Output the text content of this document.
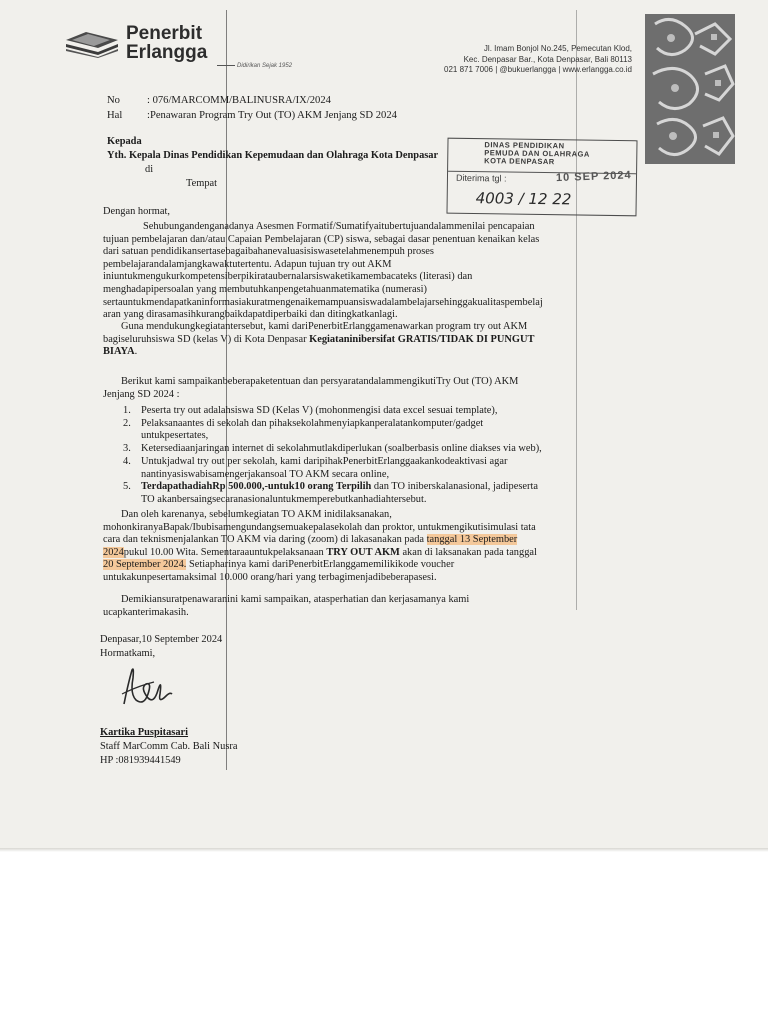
Penerbit
Erlangga
Didirikan Sejak 1952
Jl. Imam Bonjol No.245, Pemecutan Klod,
Kec. Denpasar Bar., Kota Denpasar, Bali 80113
021 871 7006 | @bukuerlangga | www.erlangga.co.id
No	: 076/MARCOMM/BALINUSRA/IX/2024
Hal :Penawaran Program Try Out (TO) AKM Jenjang SD 2024
Kepada
Yth. Kepala Dinas Pendidikan Kepemudaan dan Olahraga Kota Denpasar
di
Tempat
DINAS PENDIDIKAN
PEMUDA DAN OLAHRAGA
KOTA DENPASAR
Diterima tgl :	10 SEP 2024
4003 / 12 22
Dengan hormat,
Sehubungandenganadanya Asesmen Formatif/Sumatifyaitubertujuandalammenilai pencapaian
tujuan pembelajaran dan/atau Capaian Pembelajaran (CP) siswa, sebagai dasar penentuan kenaikan kelas
dari satuan pendidikansertasebagaibahanevaluasisiswasetelahmenempuh proses
pembelajarandalamjangkawaktutertentu. Adapun tujuan try out AKM
iniuntukmengukurkompetensiberpikirataubernalarsiswaketikamembacateks (literasi) dan
menghadapipersoalan yang membutuhkanpengetahuanmatematika (numerasi)
sertauntukmendapatkaninformasiakuratmengenaikemampuansiswadalambelajarsehinggakualitaspembelaj
aran yang dirasamasihkurangbaikdapatdiperbaiki dan ditingkatkanlagi.
Guna mendukungkegiatantersebut, kami dariPenerbitErlanggamenawarkan program try out AKM
bagiseluruhsiswa SD (kelas V) di Kota Denpasar Kegiataninibersifat GRATIS/TIDAK DI PUNGUT
BIAYA.
Berikut kami sampaikanbeberapaketentuan dan persyaratandalammengikutiTry Out (TO) AKM
Jenjang SD 2024 :
1. Peserta try out adalahsiswa SD (Kelas V) (mohonmengisi data excel sesuai template),
2. Pelaksanaantes di sekolah dan pihaksekolahmenyiapkanperalatankomputer/gadget
untukpesertates,
3. Ketersediaanjaringan internet di sekolahmutlakdiperlukan (soalberbasis online diakses via web),
4. Untukjadwal try out per sekolah, kami daripihakPenerbitErlanggaakankodeaktivasi agar
nantinyasiswabisamengerjakansoal TO AKM secara online,
5. TerdapathadiahRp 500.000,-untuk10 orang Terpilih dan TO iniberskalanasional, jadipeserta
TO akanbersaingsecaranasionaluntukmemperebutkanhadiahtersebut.
Dan oleh karenanya, sebelumkegiatan TO AKM inidilaksanakan,
mohonkiranyaBapak/Ibubisamengundangsemuakepalasekolah dan proktor, untukmengikutisimulasi tata
cara dan teknismenjalankan TO AKM via daring (zoom) di lakasanakan pada tanggal 13 September
2024pukul 10.00 Wita. Sementaraauntukpelaksanaan TRY OUT AKM akan di laksanakan pada tanggal
20 September 2024. Setiapharinya kami dariPenerbitErlanggamemilikikode voucher
untukakunpesertamaksimal 10.000 orang/hari yang terbagimenjadibeberapasesi.
Demikiansuratpenawaranini kami sampaikan, atasperhatian dan kerjasamanya kami
ucapkanterimakasih.
Denpasar,10 September 2024
Hormatkami,
Kartika Puspitasari
Staff MarComm Cab. Bali Nusra
HP :081939441549
